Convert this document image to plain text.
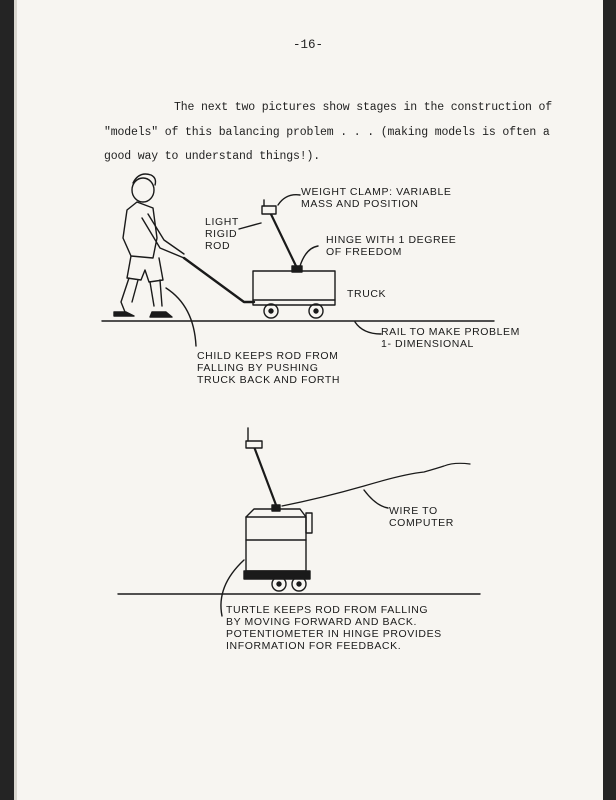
-16-
The next two pictures show stages in the construction of
"models" of this balancing problem . . . (making models is often a
good way to understand things!).
WEIGHT CLAMP: VARIABLE
MASS AND POSITION
LIGHT
RIGID
ROD	HINGE WITH 1 DEGREE
OF FREEDOM
TRUCK
RAIL TO MAKE PROBLEM
1- DIMENSIONAL
CHILD KEEPS ROD FROM
FALLING BY PUSHING
TRUCK BACK AND FORTH
WIRE TO
COMPUTER
TURTLE KEEPS ROD FROM FALLING
BY MOVING FORWARD AND BACK.
POTENTIOMETER IN HINGE PROVIDES
INFORMATION FOR FEEDBACK.
